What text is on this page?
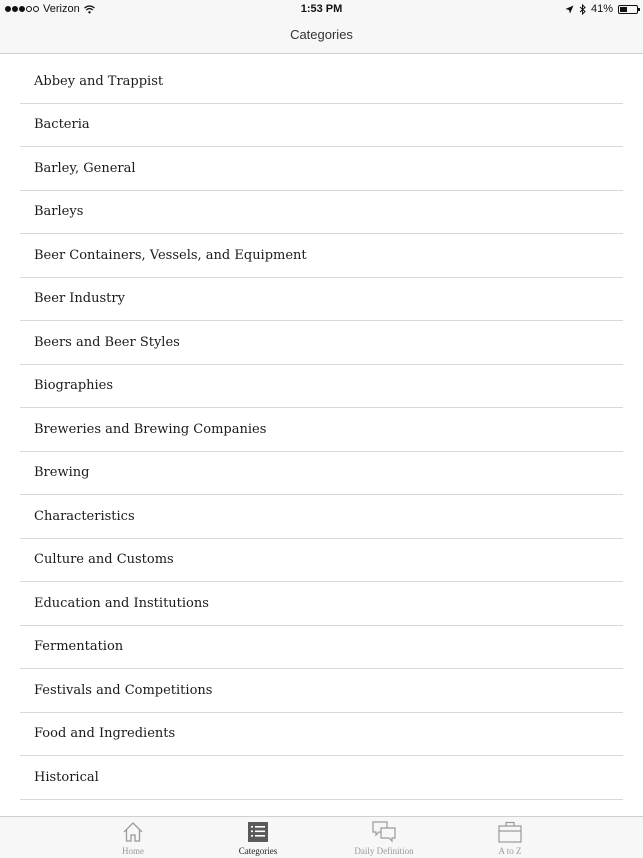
Verizon	1:53 PM	41%
Categories
Abbey and Trappist
Bacteria
Barley, General
Barleys
Beer Containers, Vessels, and Equipment
Beer Industry
Beers and Beer Styles
Biographies
Breweries and Brewing Companies
Brewing
Characteristics
Culture and Customs
Education and Institutions
Fermentation
Festivals and Competitions
Food and Ingredients
Historical
Home	Categories	Daily Definition	A to Z
